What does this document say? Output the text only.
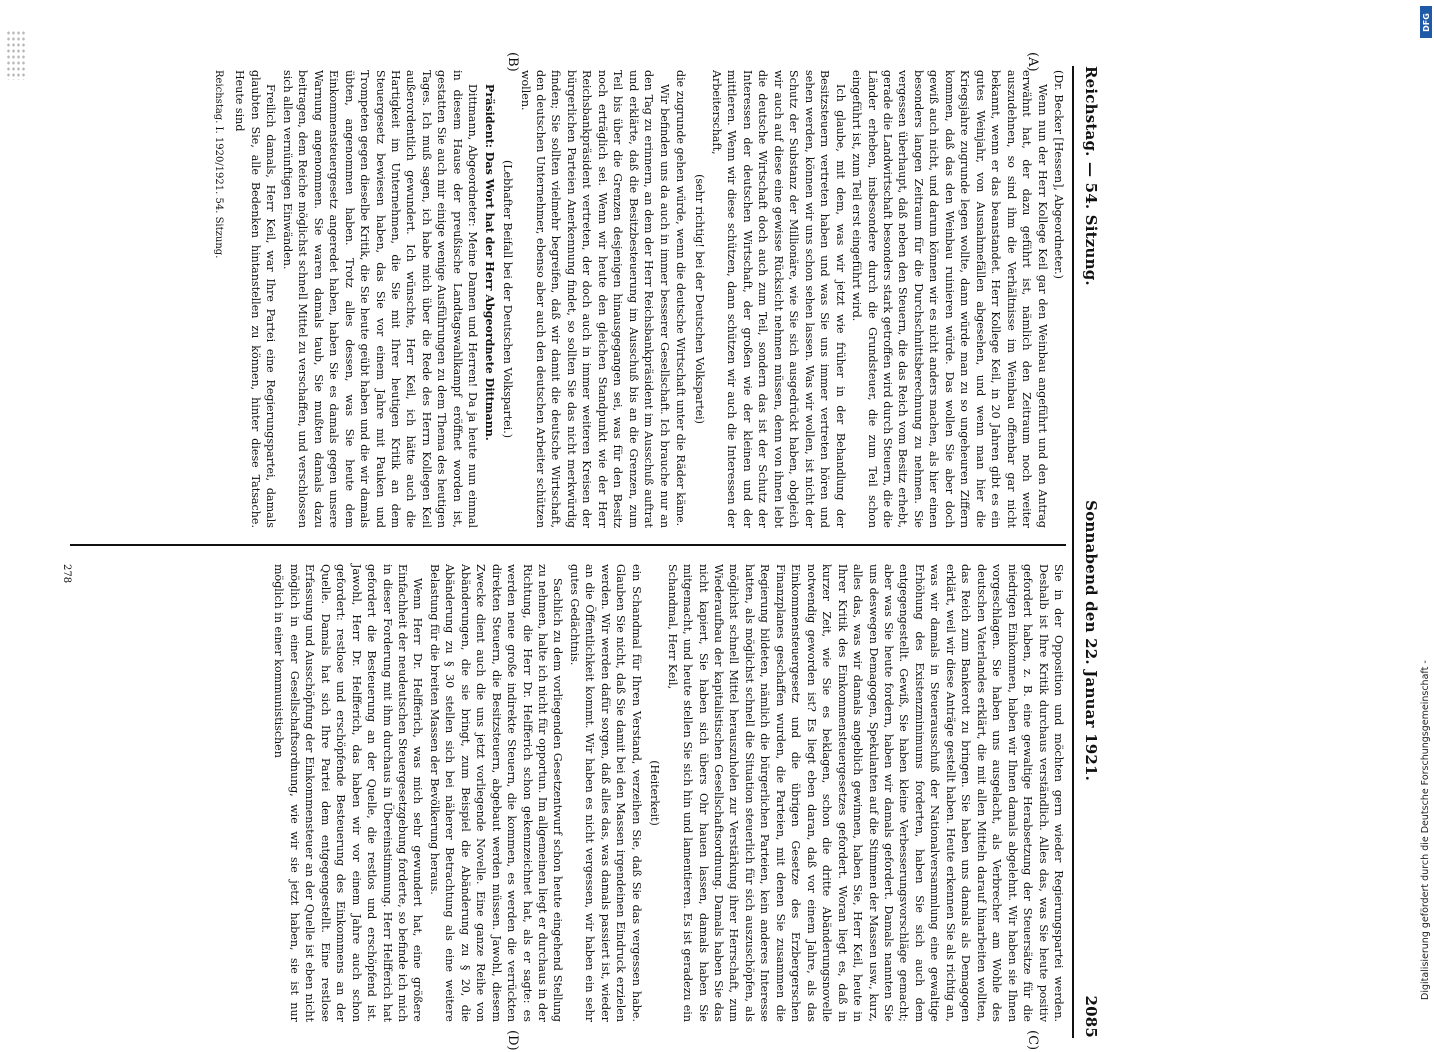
Reichstag. — 54. Sitzung.
Sonnabend den 22. Januar 1921.
2085
(A)
(B)
(C)
(D)

(Dr. Becker [Hessen], Abgeordneter.)

Wenn nun der Herr Kollege Keil gar den Weinbau angeführt und den Antrag erwähnt hat, der dazu geführt ist, nämlich den Zeitraum noch weiter auszudehnen, so sind ihm die Verhältnisse im Weinbau offenbar gar nicht bekannt, wenn er das beanstandet. Herr Kollege Keil, in 20 Jahren gibt es ein gutes Weinjahr, von Ausnahmefällen abgesehen, und wenn man hier die Kriegsjahre zugrunde legen wollte, dann würde man zu so ungeheuren Ziffern kommen, daß das den Weinbau ruinieren würde. Das wollen Sie aber doch gewiß auch nicht, und darum können wir es nicht anders machen, als hier einen besonders langen Zeitraum für die Durchschnittsberechnung zu nehmen. Sie vergessen überhaupt, daß neben den Steuern, die das Reich vom Besitz erhebt, gerade die Landwirtschaft besonders stark getroffen wird durch Steuern, die die Länder erheben, insbesondere durch die Grundsteuer, die zum Teil schon eingeführt ist, zum Teil erst eingeführt wird.

Ich glaube, mit dem, was wir jetzt wie früher in der Behandlung der Besitzsteuern vertreten haben und was Sie uns immer vertreten hören und sehen werden, können wir uns schon sehen lassen. Was wir wollen, ist nicht der Schutz der Substanz der Millionäre, wie Sie sich ausgedrückt haben, obgleich wir auch auf diese eine gewisse Rücksicht nehmen müssen, denn von ihnen lebt die deutsche Wirtschaft doch auch zum Teil, sondern das ist der Schutz der Interessen der deutschen Wirtschaft, der großen wie der kleinen und der mittleren. Wenn wir diese schützen, dann schützen wir auch die Interessen der Arbeiterschaft,

(sehr richtig! bei der Deutschen Volkspartei)

die zugrunde gehen würde, wenn die deutsche Wirtschaft unter die Räder käme.

Wir befinden uns da auch in immer besserer Gesellschaft. Ich brauche nur an den Tag zu erinnern, an dem der Herr Reichsbankpräsident im Ausschuß auftrat und erklärte, daß die Besitzbesteuerung im Ausschuß bis an die Grenzen, zum Teil bis über die Grenzen desjenigen hinausgegangen sei, was für den Besitz noch erträglich sei. Wenn wir heute den gleichen Standpunkt wie der Herr Reichsbankpräsident vertreten, der doch auch in immer weiteren Kreisen der bürgerlichen Parteien Anerkennung findet, so sollten Sie das nicht merkwürdig finden; Sie sollten vielmehr begreifen, daß wir damit die deutsche Wirtschaft, den deutschen Unternehmer, ebenso aber auch den deutschen Arbeiter schützen wollen.

(Lebhafter Beifall bei der Deutschen Volkspartei.)

Präsident: Das Wort hat der Herr Abgeordnete Dittmann.

Dittmann, Abgeordneter: Meine Damen und Herren! Da ja heute nun einmal in diesem Hause der preußische Landtagswahlkampf eröffnet worden ist, gestatten Sie auch mir einige wenige Ausführungen zu dem Thema des heutigen Tages. Ich muß sagen, ich habe mich über die Rede des Herrn Kollegen Keil außerordentlich gewundert. Ich wünschte, Herr Keil, ich hätte auch die Hartigkeit im Unternehmen, die Sie mit Ihrer heutigen Kritik an dem Steuergesetz bewiesen haben, das Sie vor einem Jahre mit Pauken und Trompeten gegen dieselbe Kritik, die Sie heute geübt haben und die wir damals übten, angenommen haben. Trotz alles dessen, was Sie heute dem Einkommensteuergesetz angeredet haben, haben Sie es damals gegen unsere Warnung angenommen. Sie waren damals taub, Sie mußten damals dazu beitragen, dem Reiche möglichst schnell Mittel zu verschaffen, und verschlossen sich allen vernünftigen Einwänden.

Freilich damals, Herr Keil, war Ihre Partei eine Regierungspartei, damals glaubten Sie, alle Bedenken hintanstellen zu können, hinter diese Tatsache. Heute sind

Reichstag. I. 1920/1921. 54. Sitzung.

Sie in der Opposition und möchten gern wieder Regierungspartei werden. Deshalb ist Ihre Kritik durchaus verständlich. Alles das, was Sie heute positiv gefordert haben, z. B. eine gewaltige Herabsetzung der Steuersätze für die niedrigen Einkommen, haben wir Ihnen damals abgelehnt. Wir haben sie Ihnen vorgeschlagen. Sie haben uns ausgelacht, als Verbrecher am Wohle des deutschen Vaterlandes erklärt, die mit allen Mitteln darauf hinarbeiten wollten, das Reich zum Bankerott zu bringen. Sie haben uns damals als Demagogen erklärt, weil wir diese Anträge gestellt haben. Heute erkennen Sie als richtig an, was wir damals in Steuerausschuß der Nationalversammlung eine gewaltige Erhöhung des Existenzminimums forderten, haben Sie sich auch dem entgegengestellt. Gewiß, Sie haben kleine Verbesserungsvorschläge gemacht; aber was Sie heute fordern, haben wir damals gefordert. Damals nannten Sie uns deswegen Demagogen, Spekulanten auf die Stimmen der Massen usw., kurz, alles das, was wir damals angeblich gewinnen, haben Sie, Herr Keil, heute in Ihrer Kritik des Einkommensteuergesetzes gefordert. Woran liegt es, daß in kurzer Zeit, wie Sie es beklagen, schon die dritte Abänderungsnovelle notwendig geworden ist? Es liegt eben daran, daß vor einem Jahre, als das Einkommensteuergesetz und die übrigen Gesetze des Erzbergerschen Finanzplanes geschaffen wurden, die Parteien, mit denen Sie zusammen die Regierung bildeten, nämlich die bürgerlichen Parteien, kein anderes Interesse hatten, als möglichst schnell die Situation steuerlich für sich auszuschöpfen, als möglichst schnell Mittel herauszuholen zur Verstärkung ihrer Herrschaft, zum Wiederaufbau der kapitalistischen Gesellschaftsordnung. Damals haben Sie das nicht kapiert, Sie haben sich übers Ohr hauen lassen, damals haben Sie mitgemacht, und heute stellen Sie sich hin und lamentieren. Es ist geradezu ein Schandmal, Herr Keil,

(Heiterkeit)

ein Schandmal für Ihren Verstand, verzeihen Sie, daß Sie das vergessen habe. Glauben Sie nicht, daß Sie damit bei den Massen irgendeinen Eindruck erzielen werden. Wir werden dafür sorgen, daß alles das, was damals passiert ist, wieder an die Öffentlichkeit kommt. Wir haben es nicht vergessen, wir haben ein sehr gutes Gedächtnis.

Sachlich zu dem vorliegenden Gesetzentwurf schon heute eingehend Stellung zu nehmen, halte ich nicht für opportun. Im allgemeinen liegt er durchaus in der Richtung, die Herr Dr. Helfferich schon gekennzeichnet hat, als er sagte: es werden neue große indirekte Steuern, die kommen, es werden die verrückten direkten Steuern, die Besitzsteuern, abgebaut werden müssen. Jawohl, diesem Zwecke dient auch die uns jetzt vorliegende Novelle. Eine ganze Reihe von Abänderungen, die sie bringt, zum Beispiel die Abänderung zu § 20, die Abänderung zu § 30 stellen sich bei näherer Betrachtung als eine weitere Belastung für die breiten Massen der Bevölkerung heraus.

Wenn Herr Dr. Helfferich, was mich sehr gewundert hat, eine größere Einfachheit der neudeutschen Steuergesetzgebung forderte, so befinde ich mich in dieser Forderung mit ihm durchaus in Übereinstimmung. Herr Helfferich hat gefordert die Besteuerung an der Quelle, die restlos und erschöpfend ist. Jawohl, Herr Dr. Helfferich, das haben wir vor einem Jahre auch schon gefordert: restlose und erschöpfende Besteuerung des Einkommens an der Quelle. Damals hat sich Ihre Partei dem entgegengestellt. Eine restlose Erfassung und Ausschöpfung der Einkommensteuer an der Quelle ist eben nicht möglich in einer Gesellschaftsordnung, wie wir sie jetzt haben, sie ist nur möglich in einer kommunistischen

278
Digitalisierung gefördert durch die Deutsche Forschungsgemeinschaft -
DFG
